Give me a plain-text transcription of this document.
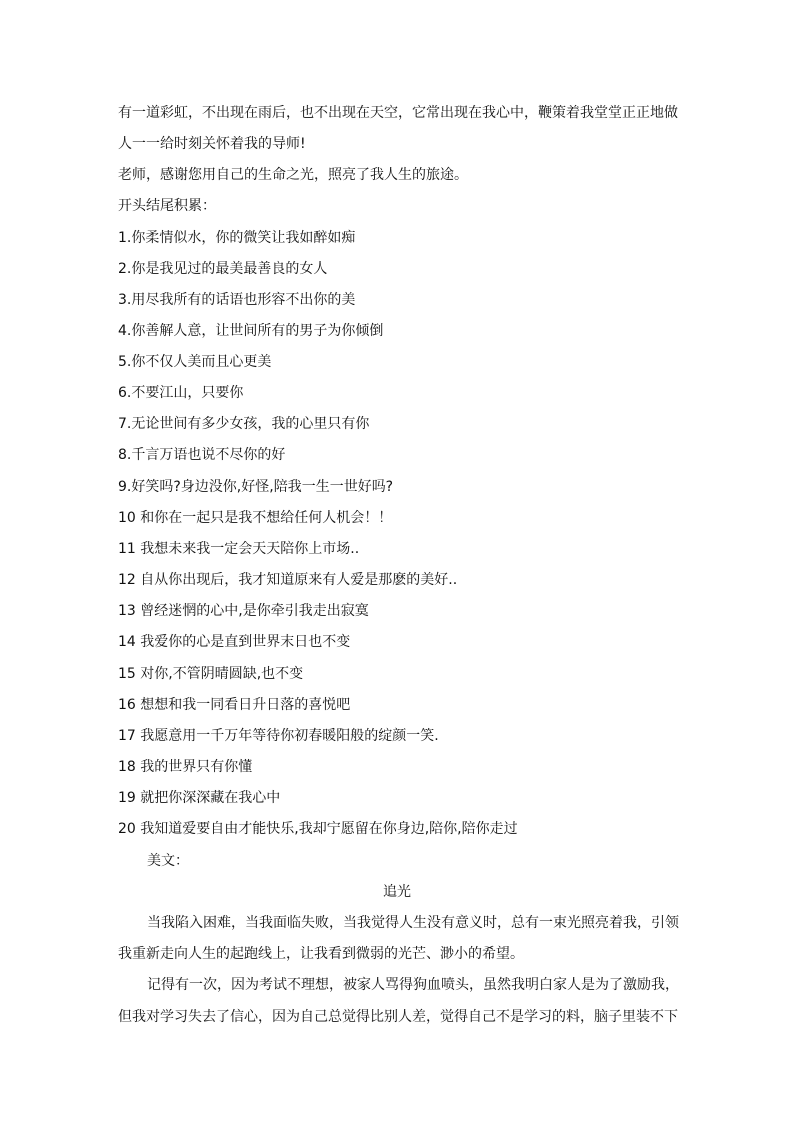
有一道彩虹，不出现在雨后，也不出现在天空，它常出现在我心中，鞭策着我堂堂正正地做
人一一给时刻关怀着我的导师!
老师，感谢您用自己的生命之光，照亮了我人生的旅途。
开头结尾积累：
1.你柔情似水，你的微笑让我如醉如痴
2.你是我见过的最美最善良的女人
3.用尽我所有的话语也形容不出你的美
4.你善解人意，让世间所有的男子为你倾倒
5.你不仅人美而且心更美
6.不要江山，只要你
7.无论世间有多少女孩，我的心里只有你
8.千言万语也说不尽你的好
9.好笑吗?身边没你,好怪,陪我一生一世好吗?
10 和你在一起只是我不想给任何人机会！！
11 我想未来我一定会天天陪你上市场..
12 自从你出现后，我才知道原来有人爱是那麽的美好..
13 曾经迷惘的心中,是你牵引我走出寂寞
14 我爱你的心是直到世界末日也不变
15 对你,不管阴晴圆缺,也不变
16 想想和我一同看日升日落的喜悦吧
17 我愿意用一千万年等待你初春暖阳般的绽颜一笑.
18 我的世界只有你懂
19 就把你深深藏在我心中
20 我知道爱要自由才能快乐,我却宁愿留在你身边,陪你,陪你走过
美文：
追光
当我陷入困难，当我面临失败，当我觉得人生没有意义时，总有一束光照亮着我，引领
我重新走向人生的起跑线上，让我看到微弱的光芒、渺小的希望。
记得有一次，因为考试不理想，被家人骂得狗血喷头，虽然我明白家人是为了激励我，
但我对学习失去了信心，因为自己总觉得比别人差，觉得自己不是学习的料，脑子里装不下
